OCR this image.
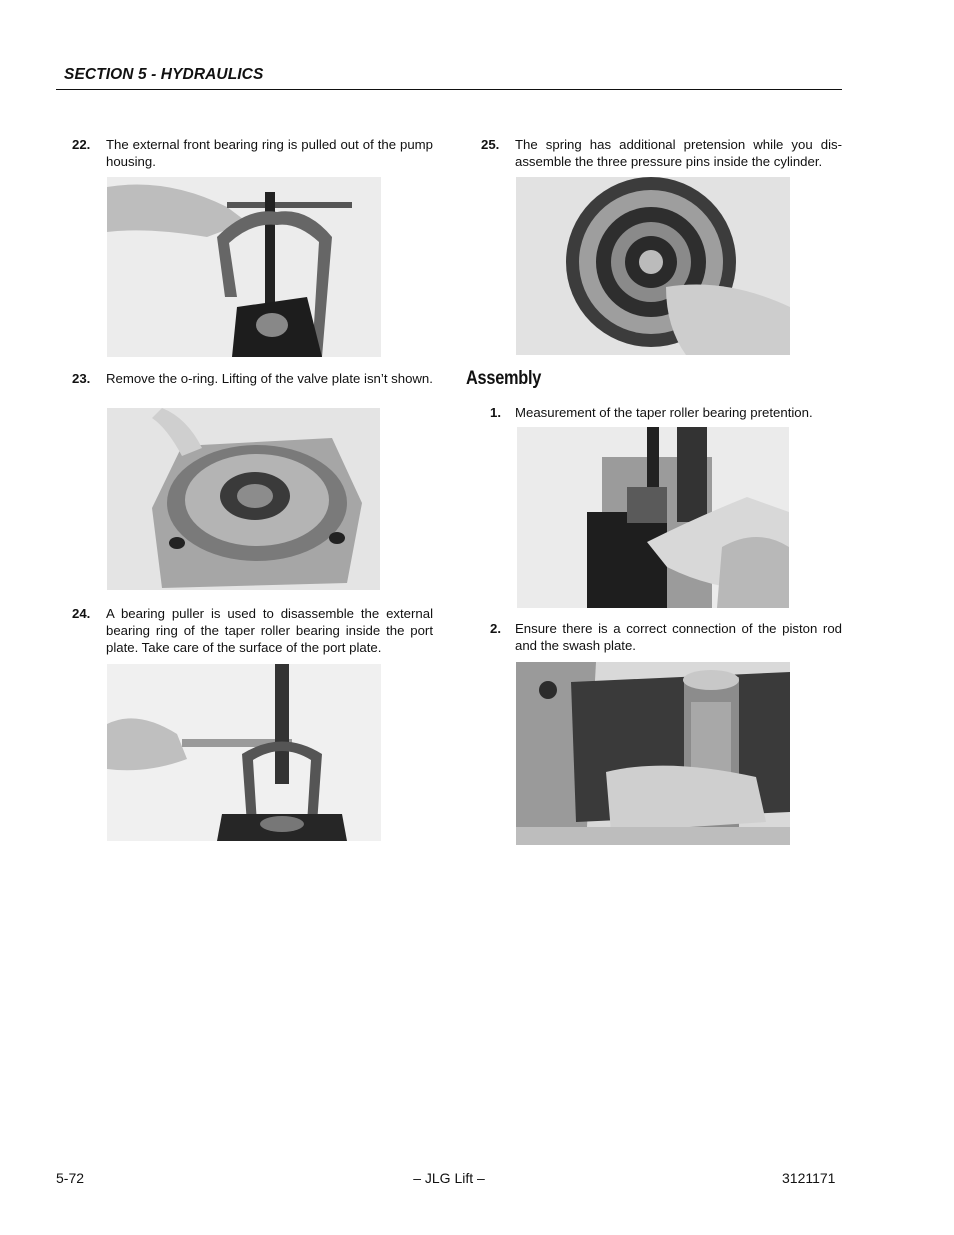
SECTION 5 - HYDRAULICS
22. The external front bearing ring is pulled out of the pump housing.
23. Remove the o-ring. Lifting of the valve plate isn’t shown.
24. A bearing puller is used to disassemble the external bearing ring of the taper roller bearing inside the port plate. Take care of the surface of the port plate.
25. The spring has additional pretension while you dis-assemble the three pressure pins inside the cylinder.
Assembly
1. Measurement of the taper roller bearing pretention.
2. Ensure there is a correct connection of the piston rod and the swash plate.
5-72	– JLG Lift –	3121171
